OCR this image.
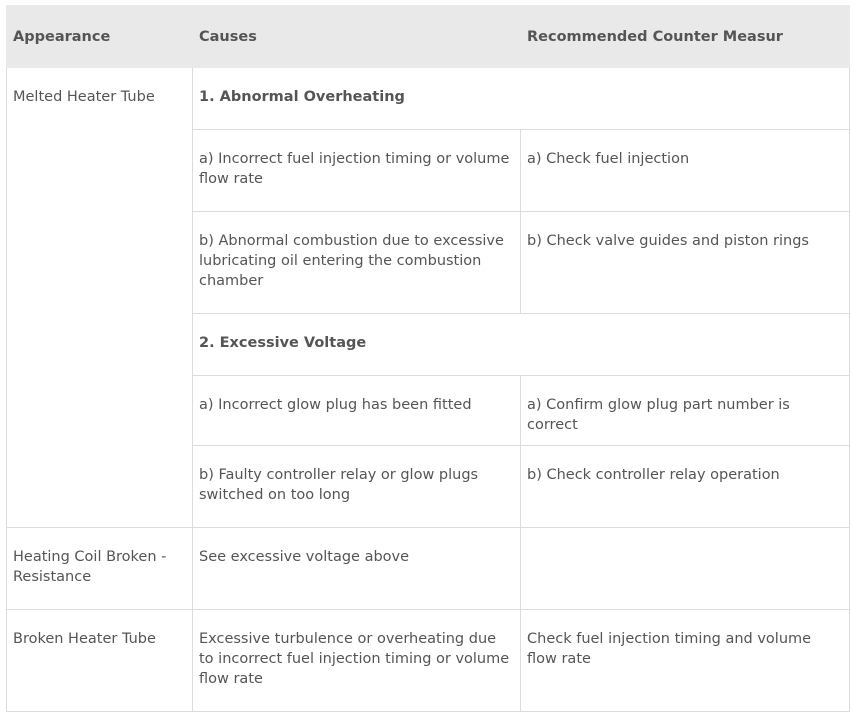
Appearance	Causes	Recommended Counter Measur
Melted Heater Tube	1. Abnormal Overheating	
	a) Incorrect fuel injection timing or volume flow rate	a) Check fuel injection
	b) Abnormal combustion due to excessive lubricating oil entering the combustion chamber	b) Check valve guides and piston rings
	2. Excessive Voltage	
	a) Incorrect glow plug has been fitted	a) Confirm glow plug part number is correct
	b) Faulty controller relay or glow plugs switched on too long	b) Check controller relay operation
Heating Coil Broken - Resistance	See excessive voltage above	
Broken Heater Tube	Excessive turbulence or overheating due to incorrect fuel injection timing or volume flow rate	Check fuel injection timing and volume flow rate
